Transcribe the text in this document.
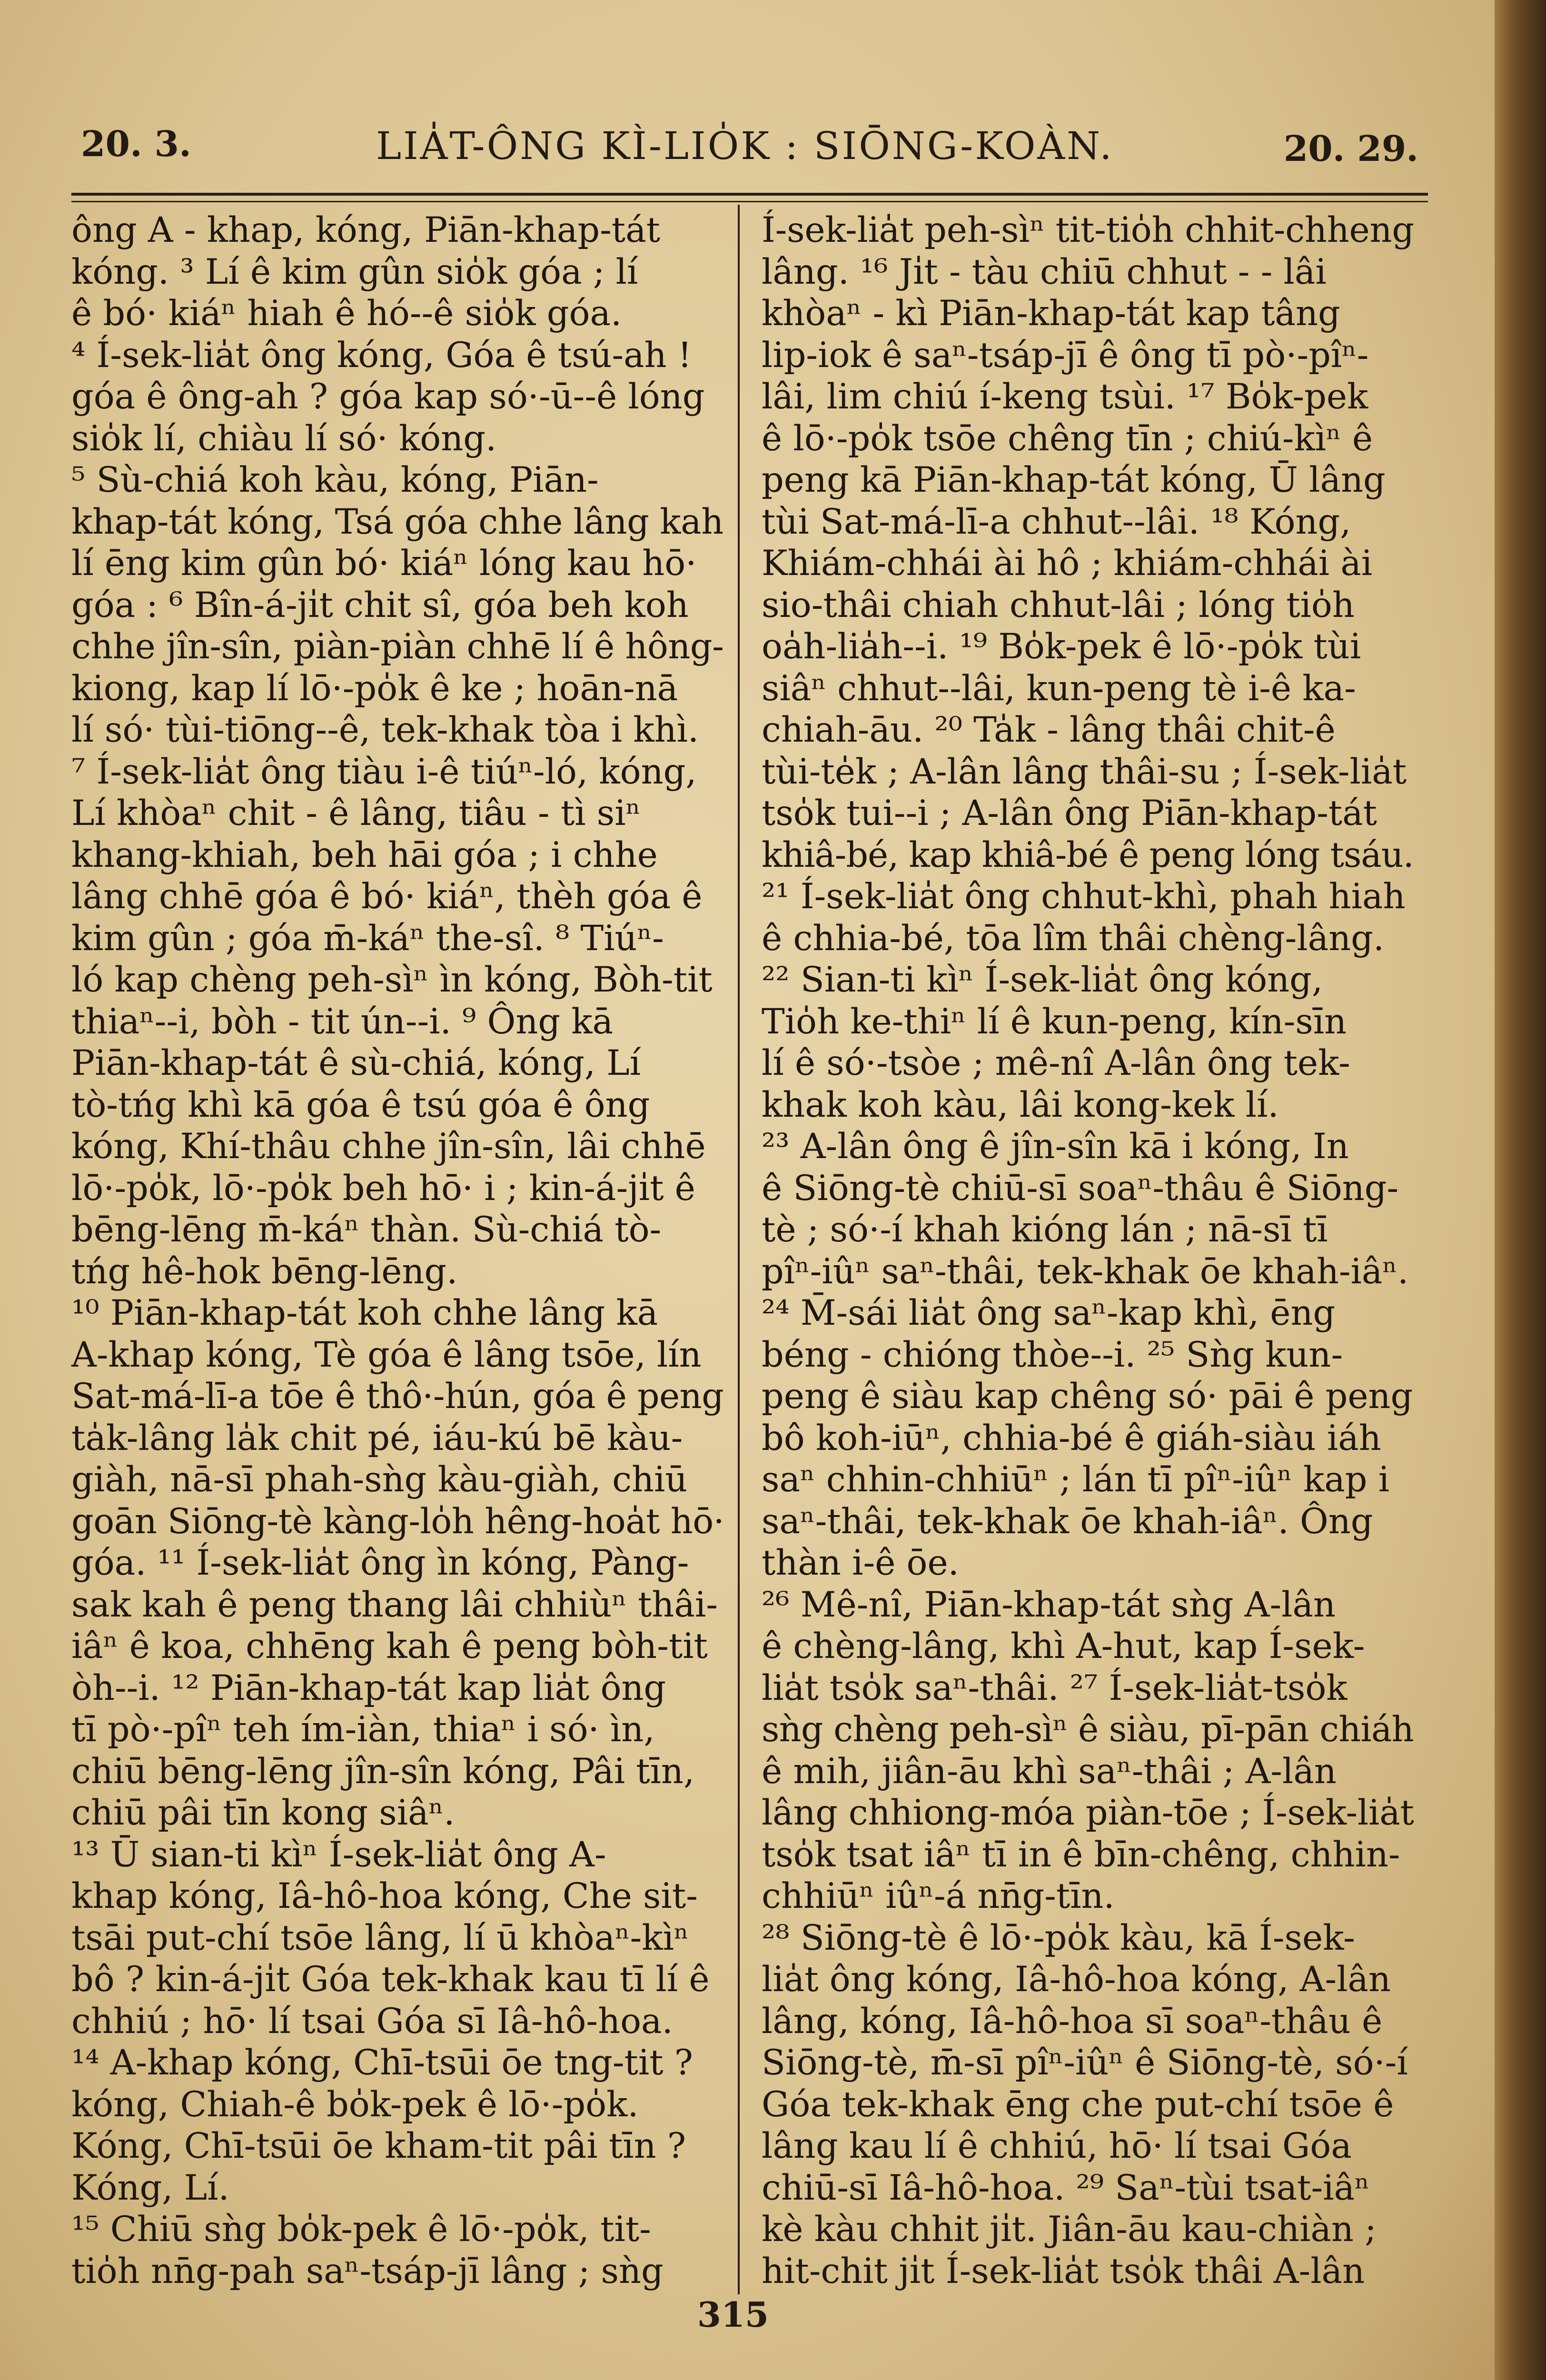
20. 3.	LIA̍T-ÔNG KÌ-LIO̍K : SIŌNG-KOÀN.	20. 29.
ông A - khap, kóng, Piān-khap-tát
kóng. ³ Lí ê kim gûn sio̍k góa ; lí
ê bó· kiáⁿ hiah ê hó--ê sio̍k góa.
⁴ Í-sek-lia̍t ông kóng, Góa ê tsú-ah !
góa ê ông-ah ? góa kap só·-ū--ê lóng
sio̍k lí, chiàu lí só· kóng.
⁵ Sù-chiá koh kàu, kóng, Piān-
khap-tát kóng, Tsá góa chhe lâng kah
lí ēng kim gûn bó· kiáⁿ lóng kau hō·
góa : ⁶ Bîn-á-ji̍t chit sî, góa beh koh
chhe jîn-sîn, piàn-piàn chhē lí ê hông-
kiong, kap lí lō·-po̍k ê ke ; hoān-nā
lí só· tùi-tiōng--ê, tek-khak tòa i khì.
⁷ Í-sek-lia̍t ông tiàu i-ê tiúⁿ-ló, kóng,
Lí khòaⁿ chit - ê lâng, tiâu - tì siⁿ
khang-khiah, beh hāi góa ; i chhe
lâng chhē góa ê bó· kiáⁿ, thèh góa ê
kim gûn ; góa m̄-káⁿ the-sî. ⁸ Tiúⁿ-
ló kap chèng peh-sìⁿ ìn kóng, Bòh-tit
thiaⁿ--i, bòh - tit ún--i. ⁹ Ông kā
Piān-khap-tát ê sù-chiá, kóng, Lí
tò-tńg khì kā góa ê tsú góa ê ông
kóng, Khí-thâu chhe jîn-sîn, lâi chhē
lō·-po̍k, lō·-po̍k beh hō· i ; kin-á-ji̍t ê
bēng-lēng m̄-káⁿ thàn. Sù-chiá tò-
tńg hê-hok bēng-lēng.
¹⁰ Piān-khap-tát koh chhe lâng kā
A-khap kóng, Tè góa ê lâng tsōe, lín
Sat-má-lī-a tōe ê thô·-hún, góa ê peng
ta̍k-lâng la̍k chit pé, iáu-kú bē kàu-
giàh, nā-sī phah-sǹg kàu-giàh, chiū
goān Siōng-tè kàng-lo̍h hêng-hoa̍t hō·
góa. ¹¹ Í-sek-lia̍t ông ìn kóng, Pàng-
sak kah ê peng thang lâi chhiùⁿ thâi-
iâⁿ ê koa, chhēng kah ê peng bòh-tit
òh--i. ¹² Piān-khap-tát kap lia̍t ông
tī pò·-pîⁿ teh ím-iàn, thiaⁿ i só· ìn,
chiū bēng-lēng jîn-sîn kóng, Pâi tīn,
chiū pâi tīn kong siâⁿ.
¹³ Ū sian-ti kìⁿ Í-sek-lia̍t ông A-
khap kóng, Iâ-hô-hoa kóng, Che sit-
tsāi put-chí tsōe lâng, lí ū khòaⁿ-kìⁿ
bô ? kin-á-ji̍t Góa tek-khak kau tī lí ê
chhiú ; hō· lí tsai Góa sī Iâ-hô-hoa.
¹⁴ A-khap kóng, Chī-tsūi ōe tng-tit ?
kóng, Chiah-ê bo̍k-pek ê lō·-po̍k.
Kóng, Chī-tsūi ōe kham-tit pâi tīn ?
Kóng, Lí.
¹⁵ Chiū sǹg bo̍k-pek ê lō·-po̍k, tit-
tio̍h nn̄g-pah saⁿ-tsáp-jī lâng ; sǹg
Í-sek-lia̍t peh-sìⁿ tit-tio̍h chhit-chheng
lâng. ¹⁶ Ji̍t - tàu chiū chhut - - lâi
khòaⁿ - kì Piān-khap-tát kap tâng
lip-iok ê saⁿ-tsáp-jī ê ông tī pò·-pîⁿ-
lâi, lim chiú í-keng tsùi. ¹⁷ Bo̍k-pek
ê lō·-po̍k tsōe chêng tīn ; chiú-kìⁿ ê
peng kā Piān-khap-tát kóng, Ū lâng
tùi Sat-má-lī-a chhut--lâi. ¹⁸ Kóng,
Khiám-chhái ài hô ; khiám-chhái ài
sio-thâi chiah chhut-lâi ; lóng tio̍h
oa̍h-lia̍h--i. ¹⁹ Bo̍k-pek ê lō·-po̍k tùi
siâⁿ chhut--lâi, kun-peng tè i-ê ka-
chiah-āu. ²⁰ Ta̍k - lâng thâi chit-ê
tùi-te̍k ; A-lân lâng thâi-su ; Í-sek-lia̍t
tso̍k tui--i ; A-lân ông Piān-khap-tát
khiâ-bé, kap khiâ-bé ê peng lóng tsáu.
²¹ Í-sek-lia̍t ông chhut-khì, phah hiah
ê chhia-bé, tōa lîm thâi chèng-lâng.
²² Sian-ti kìⁿ Í-sek-lia̍t ông kóng,
Tio̍h ke-thiⁿ lí ê kun-peng, kín-sīn
lí ê só·-tsòe ; mê-nî A-lân ông tek-
khak koh kàu, lâi kong-kek lí.
²³ A-lân ông ê jîn-sîn kā i kóng, In
ê Siōng-tè chiū-sī soaⁿ-thâu ê Siōng-
tè ; só·-í khah kióng lán ; nā-sī tī
pîⁿ-iûⁿ saⁿ-thâi, tek-khak ōe khah-iâⁿ.
²⁴ M̄-sái lia̍t ông saⁿ-kap khì, ēng
béng - chióng thòe--i. ²⁵ Sǹg kun-
peng ê siàu kap chêng só· pāi ê peng
bô koh-iūⁿ, chhia-bé ê giáh-siàu iáh
saⁿ chhin-chhiūⁿ ; lán tī pîⁿ-iûⁿ kap i
saⁿ-thâi, tek-khak ōe khah-iâⁿ. Ông
thàn i-ê ōe.
²⁶ Mê-nî, Piān-khap-tát sǹg A-lân
ê chèng-lâng, khì A-hut, kap Í-sek-
lia̍t tso̍k saⁿ-thâi. ²⁷ Í-sek-lia̍t-tso̍k
sǹg chèng peh-sìⁿ ê siàu, pī-pān chiáh
ê mih, jiân-āu khì saⁿ-thâi ; A-lân
lâng chhiong-móa piàn-tōe ; Í-sek-lia̍t
tso̍k tsat iâⁿ tī in ê bīn-chêng, chhin-
chhiūⁿ iûⁿ-á nn̄g-tīn.
²⁸ Siōng-tè ê lō·-po̍k kàu, kā Í-sek-
lia̍t ông kóng, Iâ-hô-hoa kóng, A-lân
lâng, kóng, Iâ-hô-hoa sī soaⁿ-thâu ê
Siōng-tè, m̄-sī pîⁿ-iûⁿ ê Siōng-tè, só·-í
Góa tek-khak ēng che put-chí tsōe ê
lâng kau lí ê chhiú, hō· lí tsai Góa
chiū-sī Iâ-hô-hoa. ²⁹ Saⁿ-tùi tsat-iâⁿ
kè kàu chhit ji̍t. Jiân-āu kau-chiàn ;
hit-chit ji̍t Í-sek-lia̍t tso̍k thâi A-lân
315
